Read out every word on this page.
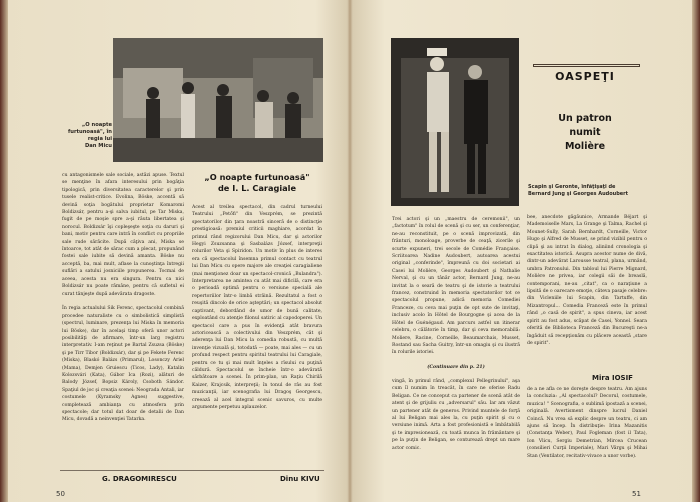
„O noapte
furtunoasă", în
regia lui
Dan Micu
cu antagonismele sale sociale, astăzi apuse. Textul se menţine în afara interesului prin bogăţia tipologică, prin diversitatea caracterelor şi prin tusele realist-critice. Evolina, Böske, accentă să devină soţia bogătului proprietar Komaromi Boldizsár, pentru a-şi salva iubitul, pe Tar Miska, fugit de pe moşie spre a-şi răuta libertatea şi norocul. Boldizsár îşi copleşeşte soţia cu daruri şi bani, motiv pentru care intră în conflict cu propriile sale rude sărăcite. După câţiva ani, Miska se întoarce, tot atât de sărac cum a plecat, propunând fostei sale iubite să devină amanta. Böske nu acceptă, ba, mai mult, aflase la cunoştinţa întregii suflări a satului josniciile propunerea. Tocmai de aceea, acesta nu era singura. Pentru ca nici Boldizsár nu poate rămâne, pentru că sufletul ei curat tânjeşte după adevărata dragoste.

În regia actualului Sik Ferenc, spectacolul combină procedee naturaliste cu o simbolistică simplistă (spectrul, luminare, prezenţa lui Miska în memoria lui Böske), dar în acelaşi timp oferă unor actori posibilităţi de afirmare, într-un larg registru interpretativ. I-am reţinut pe Bartal Zsuzsa (Böske) şi pe Tirr Tibor (Boldizsár), dar şi pe Fekete Ferenc (Miska), Blaskó Balázs (Primarul), Losonczy Ariel (Mama), Demjen Gruiescu (Ticos, Lady), Katalin Kolozsvári (Kata), Gábor Ica (Rozi), alături de Balody József, Bopsiz Károly, Csoboth Sándor. Spaţiul de joc şi creaţia scenei: Neograda Antali, iar costumele (Kyramsky Agnes) suggestive, completează ambianţa cu atmosfera prin spectacole; dar totul dat doar de detalii de Dan Micu, dovadă a neinvenţiei Tatarka.
„O noapte furtunoasă"
de I. L. Caragiale
Acest al treilea spectacol, din cadrul turneului Teatrului „Petőfi" din Veszprém, se prezintă spectatorilor din ţara noastră sinceră de o distincţie prestigioasă: premiul criticii maghiare, acordat în primul rând regizorului Dan Micu, dar şi actorilor Hegyi Zsuzsanna şi Sasbalázs József, interpreţii rolurilor Veta şi Spiridon. Un motiv în plus de interes era că spectacolul însemna primul contact cu teatrul lui Dan Micu cu opere majore ale creaţiei caragialiene (mai menţionez doar un spectacol-cronică „Bulandra"). Interpretarea ne amintea cu atât mai dificilă, care era o perioadă optimă pentru o versiune specială ale repertoriilor într-o limbă străină. Rezultatul a fost o reuşită dincolo de orice aşteptări; un spectacol absolut captivant, debordând de umor de bună calitate, exploatând cu atenţie filonul satiric al capodoperei. Un spectacol care a pus în evidenţă atât bravura actoricească a colectivului din Veszprém, cât şi aderenţa lui Dan Micu la comedia robustă, cu multă invenţie vizuală şi, totodată — poate, mai ales — cu un profund respect pentru spiritul teatrului lui Caragiale, pentru ce tu şi mai mult înţeles a rîsului cu puţină căldură. Spectacolul se încheie într-o adevărată sărbătoare a scenei. În prim-plan, un Raţiu Chirilă Kaizer, Krajcsik, interpreţii; în tonul de râs au fost muzicanţii, iar scenografia lui Dragoş Georgescu, creează al acel integral scenic savuros, cu multe argumente perpetuu aplauzelor.
G. DRAGOMIRESCU	Dinu KIVU
50
OASPEŢI
Un patron
numit
Molière
Scapin şi Geronte, înfăţişaţi de
Bernard Jung şi Georges Audoubert
Trei actori şi un „maestru de ceremonii", un „factotum" în rolul de scenă şi cu ser, un conferenţiar, ne-au reconstituit, pe o scenă improvizată, din frânturi, monoloage, proverbe de ceaţă, zicerile şi scurte expuneri, trei secole de Comédie Française. Scriitoarea Nadine Audoubert, autoarea acestui original „conferinde", împreună cu doi societari ai Casei lui Molière, Georges Audoubert şi Nathalie Nerval, şi cu un tânăr actor, Bernard Jung, ne-au invitat la o seară de teatru şi de istorie a teatrului francez, construind în memoria spectatorilor tot ce spectacolul propune, adică memoria Comediei Franceze, cu ceva mai puţin de opt sute de invitaţi, inclusiv acolo în Hôtel de Bourgogne şi acea de la Hôtel de Guénégaud. Am parcurs astfel un itinerar celebru, o călătorie în timp, dar şi ceva memorabilă: Moliere, Racine, Corneille, Beaumarchais, Musset, Rostand sau Sacha Guitry, într-un omagiu şi cu ilustră în rolurile istoriei.
(Continuare din p. 21)
vingă, în primul rând, „complexul Pellegrinului", aşa cum îl numim în treacăt, în care ne oferise Radu Beligan. Ce ne conceput ca partener de scenă atât de atent şi de grijuliu cu „adversarul" său. Iar am văzut un partener atât de generos. Privind muntele de forţă al lui Beligan mai ales la, cu puţin spirit şi cu o versiune inimă. Arta a fost profesionistă e îmbătabilă şi te impresionează, cu toată munca în frământare şi pe la puţin de Beligan, se conturează drept un mare actor comic.
bee, anecdote găgăunice, Armande Béjart şi Mademoiselle Mars, La Grange şi Talma, Rachel şi Mounet-Sully, Sarah Bernhardt, Corneille, Victor Hugo şi Alfred de Musset, se prind vizibil pentru o clipă şi au intrat în dialog, aliniind cronologia şi exactitatea istorică. Asupra acestor nume de divă, dintr-un adevărat Larousse teatral, plana, urmând, umbra Patronului. Din tabloul lui Pierre Mignard, Molière ne privea, iar colegii săi de breaslă, contemporani, ne-au „citat", ca o naraţiune a lipsită de o oarecare emoţie, câteva pasaje celebre: din Vicleniile lui Scapin, din Tartuffe, din Mizantropul... Comedia Franceză este în primul rând „o casă de spirit", a spus cineva, iar acest spirit au fost adus, scăpat de Casei, Yonnel. Seara oferită de Biblioteca Franceză din Bucureşti ne-a îngăduit să recepţionăm cu plăcere această „stare de spirit".
Mira IOSIF
de a ne afla ce ne doreşte despre teatru. Am ajuns la concluzia: „Al spectacolul? Decorul, costumele, muzica! " Scenografia, o sublimă ipostază a scenei, originală. Avertisment dinspre lucrul Daniel Coincă. Nu vrea să explic despre un teatru, ci am ajuns să încep. În distribuţie: Irina Mazanitis (Constanţa Weber), Paul Fogleman (fost il Tata), Ion Vlicu, Sergiu Demetrian, Mircea Crucean (consilieri Curţii Imperiale), Mari Vârgu şi Mihai Stan (Ventilator, recitativ-vivace a unor vorbe).
51
